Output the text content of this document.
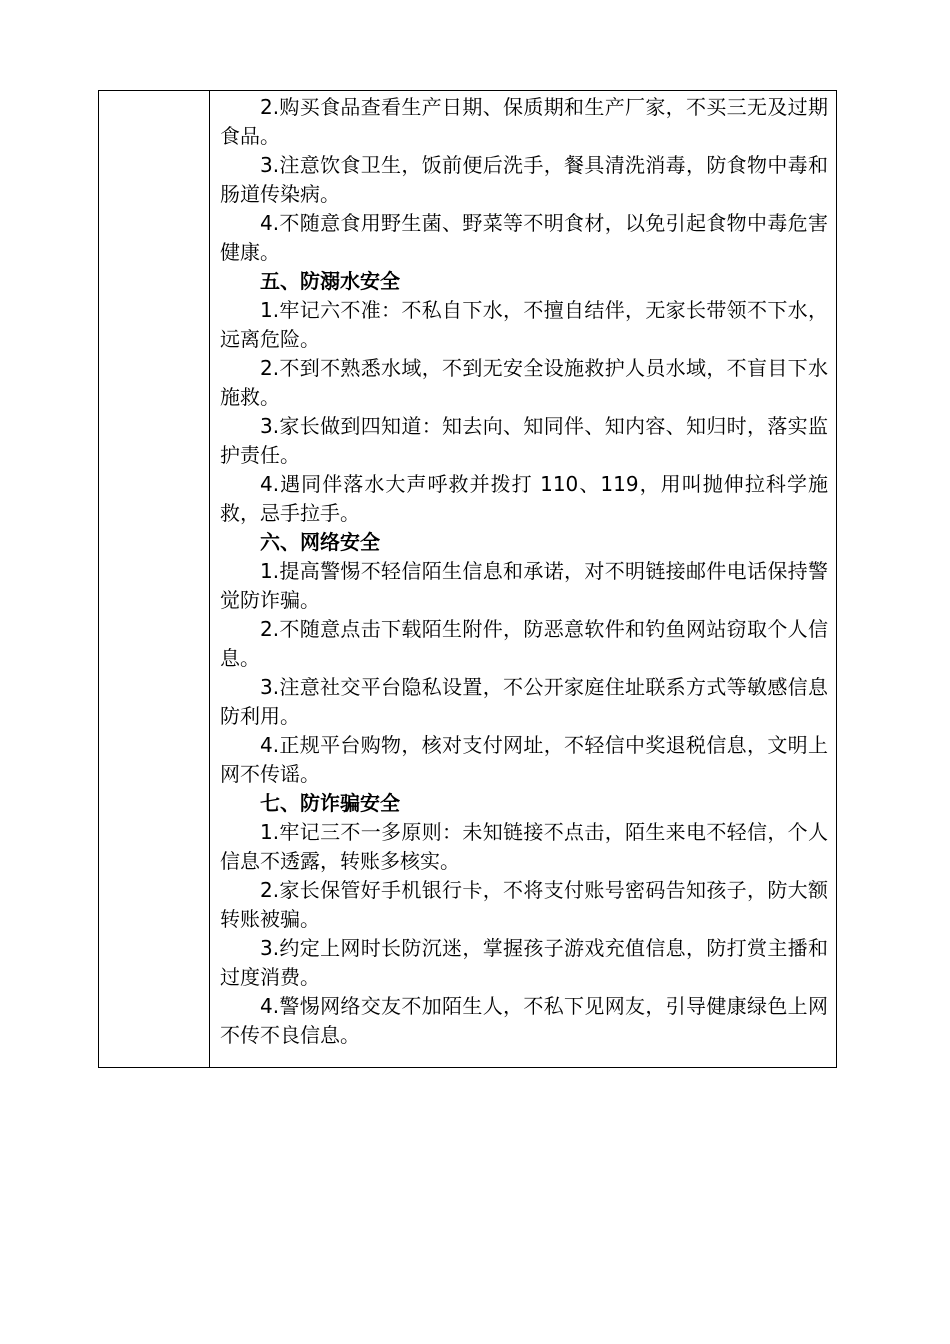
2.购买食品查看生产日期、保质期和生产厂家，不买三无及过期食品。

3.注意饮食卫生，饭前便后洗手，餐具清洗消毒，防食物中毒和肠道传染病。

4.不随意食用野生菌、野菜等不明食材，以免引起食物中毒危害健康。

五、防溺水安全

1.牢记六不准：不私自下水，不擅自结伴，无家长带领不下水，远离危险。

2.不到不熟悉水域，不到无安全设施救护人员水域，不盲目下水施救。

3.家长做到四知道：知去向、知同伴、知内容、知归时，落实监护责任。

4.遇同伴落水大声呼救并拨打 110、119，用叫抛伸拉科学施救，忌手拉手。

六、网络安全

1.提高警惕不轻信陌生信息和承诺，对不明链接邮件电话保持警觉防诈骗。

2.不随意点击下载陌生附件，防恶意软件和钓鱼网站窃取个人信息。

3.注意社交平台隐私设置，不公开家庭住址联系方式等敏感信息防利用。

4.正规平台购物，核对支付网址，不轻信中奖退税信息，文明上网不传谣。

七、防诈骗安全

1.牢记三不一多原则：未知链接不点击，陌生来电不轻信，个人信息不透露，转账多核实。

2.家长保管好手机银行卡，不将支付账号密码告知孩子，防大额转账被骗。

3.约定上网时长防沉迷，掌握孩子游戏充值信息，防打赏主播和过度消费。

4.警惕网络交友不加陌生人，不私下见网友，引导健康绿色上网不传不良信息。
